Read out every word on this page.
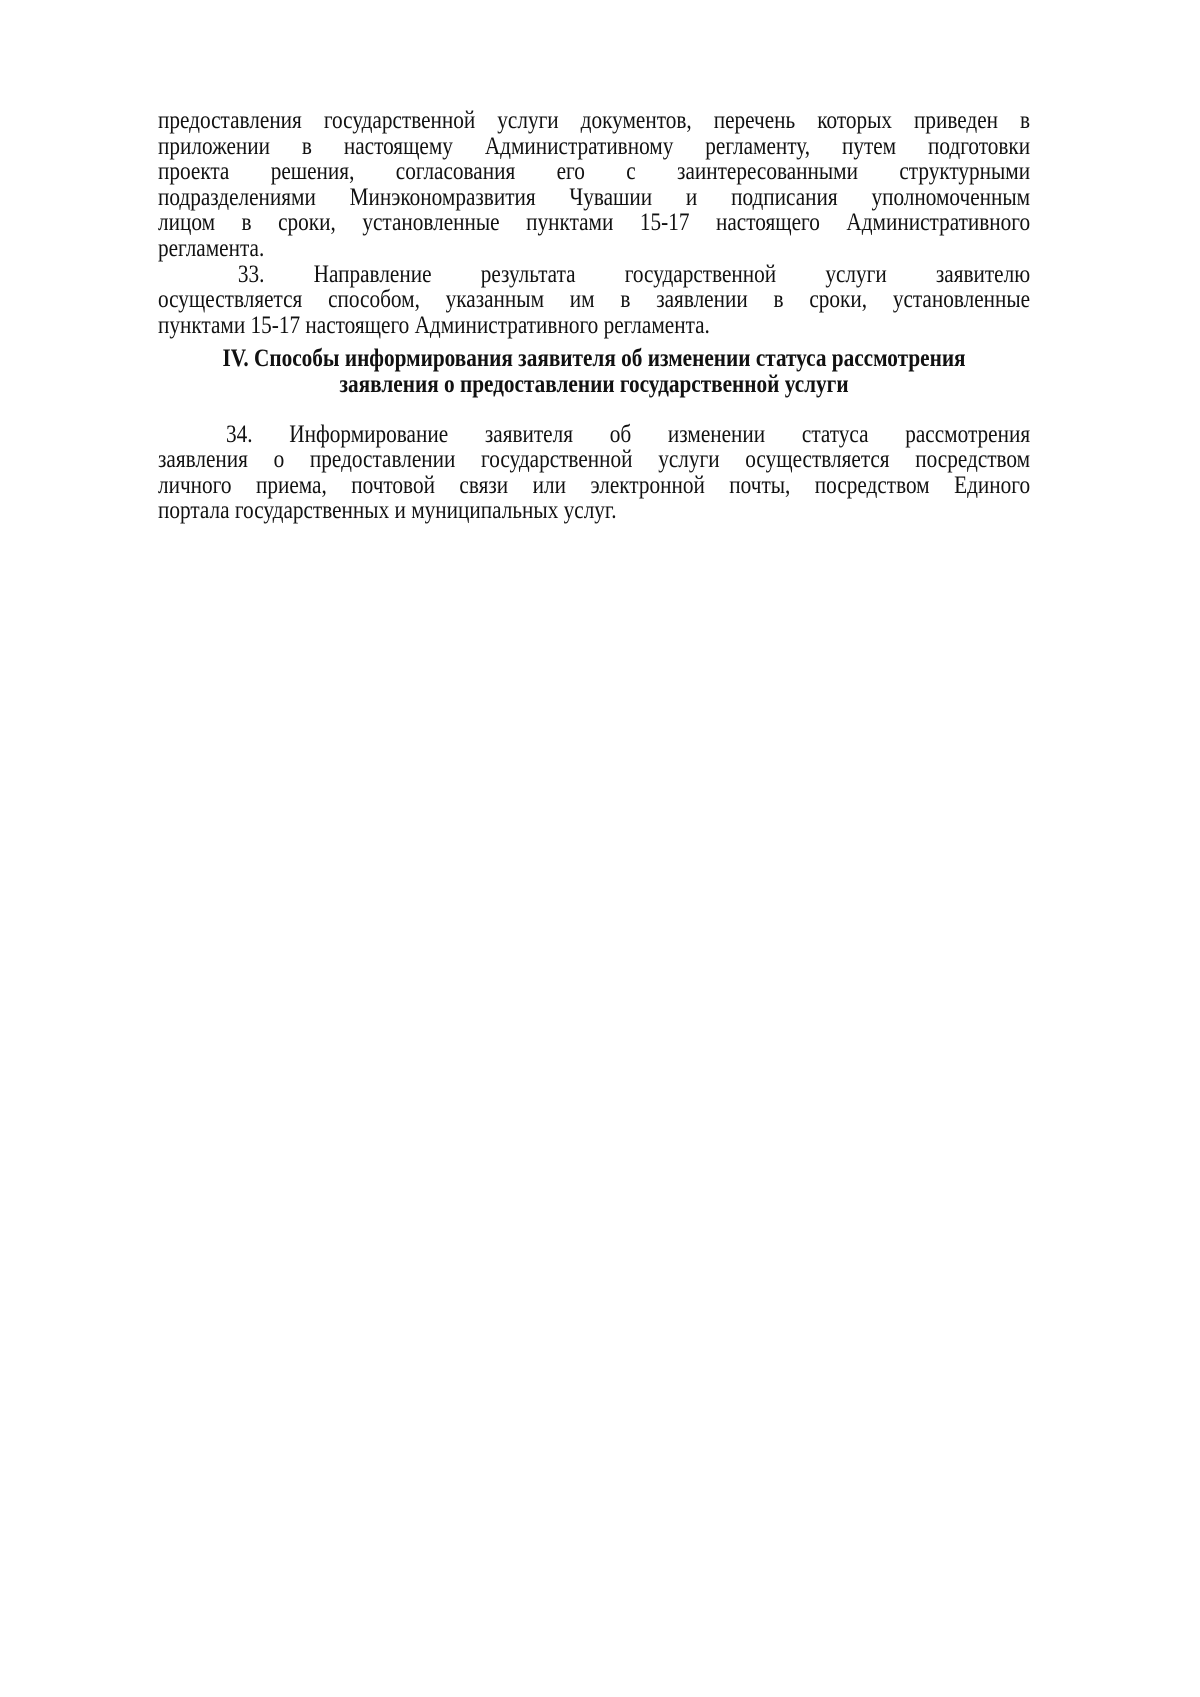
предоставления государственной услуги документов, перечень которых приведен в
приложении в настоящему Административному регламенту, путем подготовки
проекта решения, согласования его с заинтересованными структурными
подразделениями Минэкономразвития Чувашии и подписания уполномоченным
лицом в сроки, установленные пунктами 15-17 настоящего Административного
регламента.
33. Направление результата государственной услуги заявителю
осуществляется способом, указанным им в заявлении в сроки, установленные
пунктами 15-17 настоящего Административного регламента.
IV. Способы информирования заявителя об изменении статуса рассмотрения
заявления о предоставлении государственной услуги
34. Информирование заявителя об изменении статуса рассмотрения
заявления о предоставлении государственной услуги осуществляется посредством
личного приема, почтовой связи или электронной почты, посредством Единого
портала государственных и муниципальных услуг.
